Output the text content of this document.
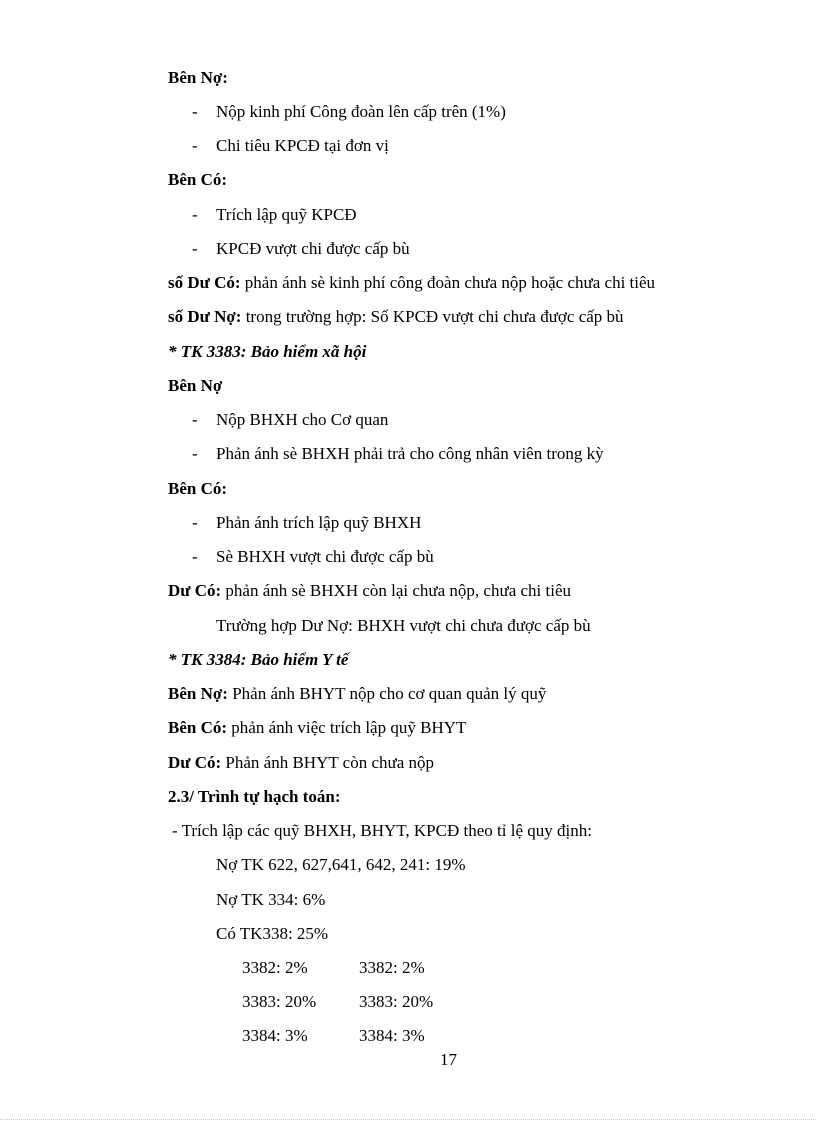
Bên Nợ:
- Nộp kinh phí Công đoàn lên cấp trên (1%)
- Chi tiêu KPCĐ tại đơn vị
Bên Có:
- Trích lập quỹ KPCĐ
- KPCĐ vượt chi được cấp bù
số Dư Có: phản ánh sè kinh phí công đoàn chưa nộp hoặc chưa chi tiêu
số Dư Nợ: trong trường hợp: Số KPCĐ vượt chi chưa được cấp bù
* TK 3383: Bảo hiểm xã hội
Bên Nợ
- Nộp BHXH cho Cơ quan
- Phản ánh sè BHXH phải trả cho công nhân viên trong kỳ
Bên Có:
- Phản ánh trích lập quỹ BHXH
- Sè BHXH vượt chi được cấp bù
Dư Có: phản ánh sè BHXH còn lại chưa nộp, chưa chi tiêu
Trường hợp Dư Nợ: BHXH vượt chi chưa được cấp bù
* TK 3384: Bảo hiểm Y tế
Bên Nợ: Phản ánh BHYT nộp cho cơ quan quản lý quỹ
Bên Có: phản ánh việc trích lập quỹ BHYT
Dư Có: Phản ánh BHYT còn chưa nộp
2.3/ Trình tự hạch toán:
- Trích lập các quỹ BHXH, BHYT, KPCĐ theo tỉ lệ quy định:
Nợ TK 622, 627,641, 642, 241: 19%
Nợ TK 334: 6%
Có TK338: 25%
3382: 2%	3382: 2%
3383: 20%	3383: 20%
3384: 3%	3384: 3%
17
